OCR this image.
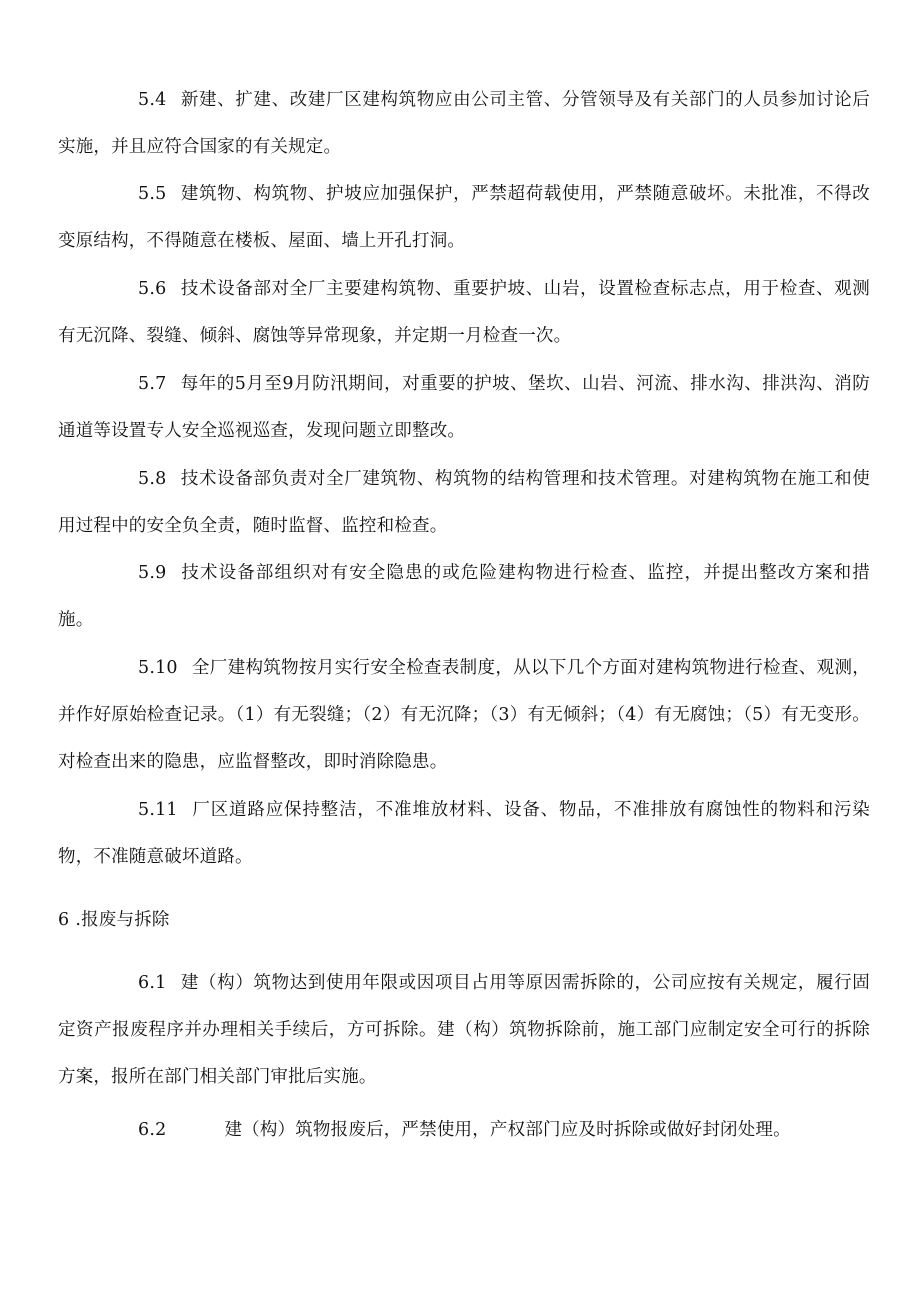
5.4 新建、扩建、改建厂区建构筑物应由公司主管、分管领导及有关部门的人员参加讨论后实施，并且应符合国家的有关规定。

5.5 建筑物、构筑物、护坡应加强保护，严禁超荷载使用，严禁随意破坏。未批准，不得改变原结构，不得随意在楼板、屋面、墙上开孔打洞。

5.6 技术设备部对全厂主要建构筑物、重要护坡、山岩，设置检查标志点，用于检查、观测有无沉降、裂缝、倾斜、腐蚀等异常现象，并定期一月检查一次。

5.7 每年的5月至9月防汛期间，对重要的护坡、堡坎、山岩、河流、排水沟、排洪沟、消防通道等设置专人安全巡视巡查，发现问题立即整改。

5.8 技术设备部负责对全厂建筑物、构筑物的结构管理和技术管理。对建构筑物在施工和使用过程中的安全负全责，随时监督、监控和检查。

5.9 技术设备部组织对有安全隐患的或危险建构物进行检查、监控，并提出整改方案和措施。

5.10 全厂建构筑物按月实行安全检查表制度，从以下几个方面对建构筑物进行检查、观测，并作好原始检查记录。（1）有无裂缝；（2）有无沉降；（3）有无倾斜；（4）有无腐蚀；（5）有无变形。对检查出来的隐患，应监督整改，即时消除隐患。

5.11 厂区道路应保持整洁，不准堆放材料、设备、物品，不准排放有腐蚀性的物料和污染物，不准随意破坏道路。

6 .报废与拆除

6.1 建（构）筑物达到使用年限或因项目占用等原因需拆除的，公司应按有关规定，履行固定资产报废程序并办理相关手续后，方可拆除。建（构）筑物拆除前，施工部门应制定安全可行的拆除方案，报所在部门相关部门审批后实施。

6.2	建（构）筑物报废后，严禁使用，产权部门应及时拆除或做好封闭处理。
